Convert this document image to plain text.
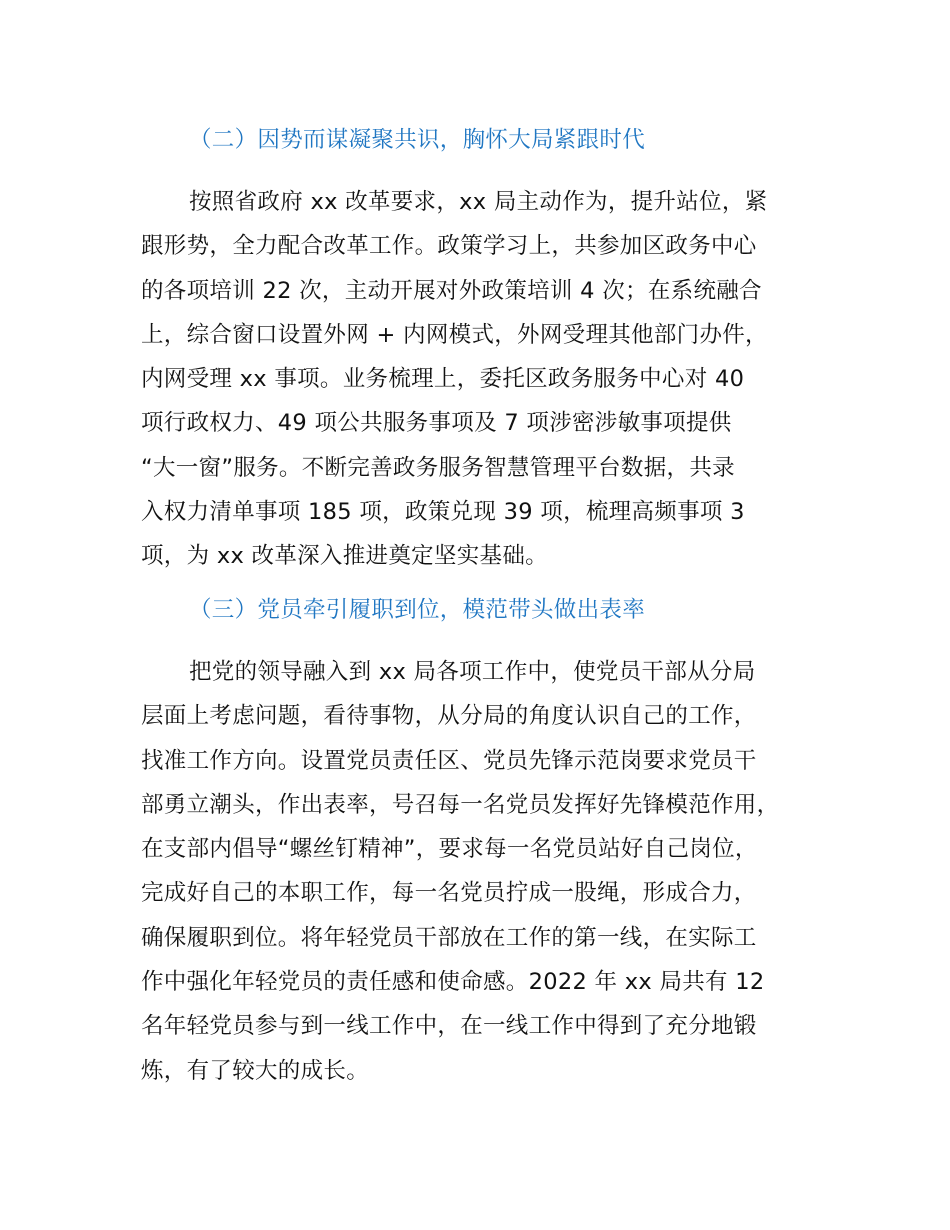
（二）因势而谋凝聚共识，胸怀大局紧跟时代
按照省政府 xx 改革要求，xx 局主动作为，提升站位，紧
跟形势，全力配合改革工作。政策学习上，共参加区政务中心
的各项培训 22 次，主动开展对外政策培训 4 次；在系统融合
上，综合窗口设置外网 + 内网模式，外网受理其他部门办件，
内网受理 xx 事项。业务梳理上，委托区政务服务中心对 40
项行政权力、49 项公共服务事项及 7 项涉密涉敏事项提供
“大一窗”服务。不断完善政务服务智慧管理平台数据，共录
入权力清单事项 185 项，政策兑现 39 项，梳理高频事项 3
项，为 xx 改革深入推进奠定坚实基础。
（三）党员牵引履职到位，模范带头做出表率
把党的领导融入到 xx 局各项工作中，使党员干部从分局
层面上考虑问题，看待事物，从分局的角度认识自己的工作，
找准工作方向。设置党员责任区、党员先锋示范岗要求党员干
部勇立潮头，作出表率，号召每一名党员发挥好先锋模范作用，
在支部内倡导“螺丝钉精神”，要求每一名党员站好自己岗位，
完成好自己的本职工作，每一名党员拧成一股绳，形成合力，
确保履职到位。将年轻党员干部放在工作的第一线，在实际工
作中强化年轻党员的责任感和使命感。2022 年 xx 局共有 12
名年轻党员参与到一线工作中，在一线工作中得到了充分地锻
炼，有了较大的成长。
